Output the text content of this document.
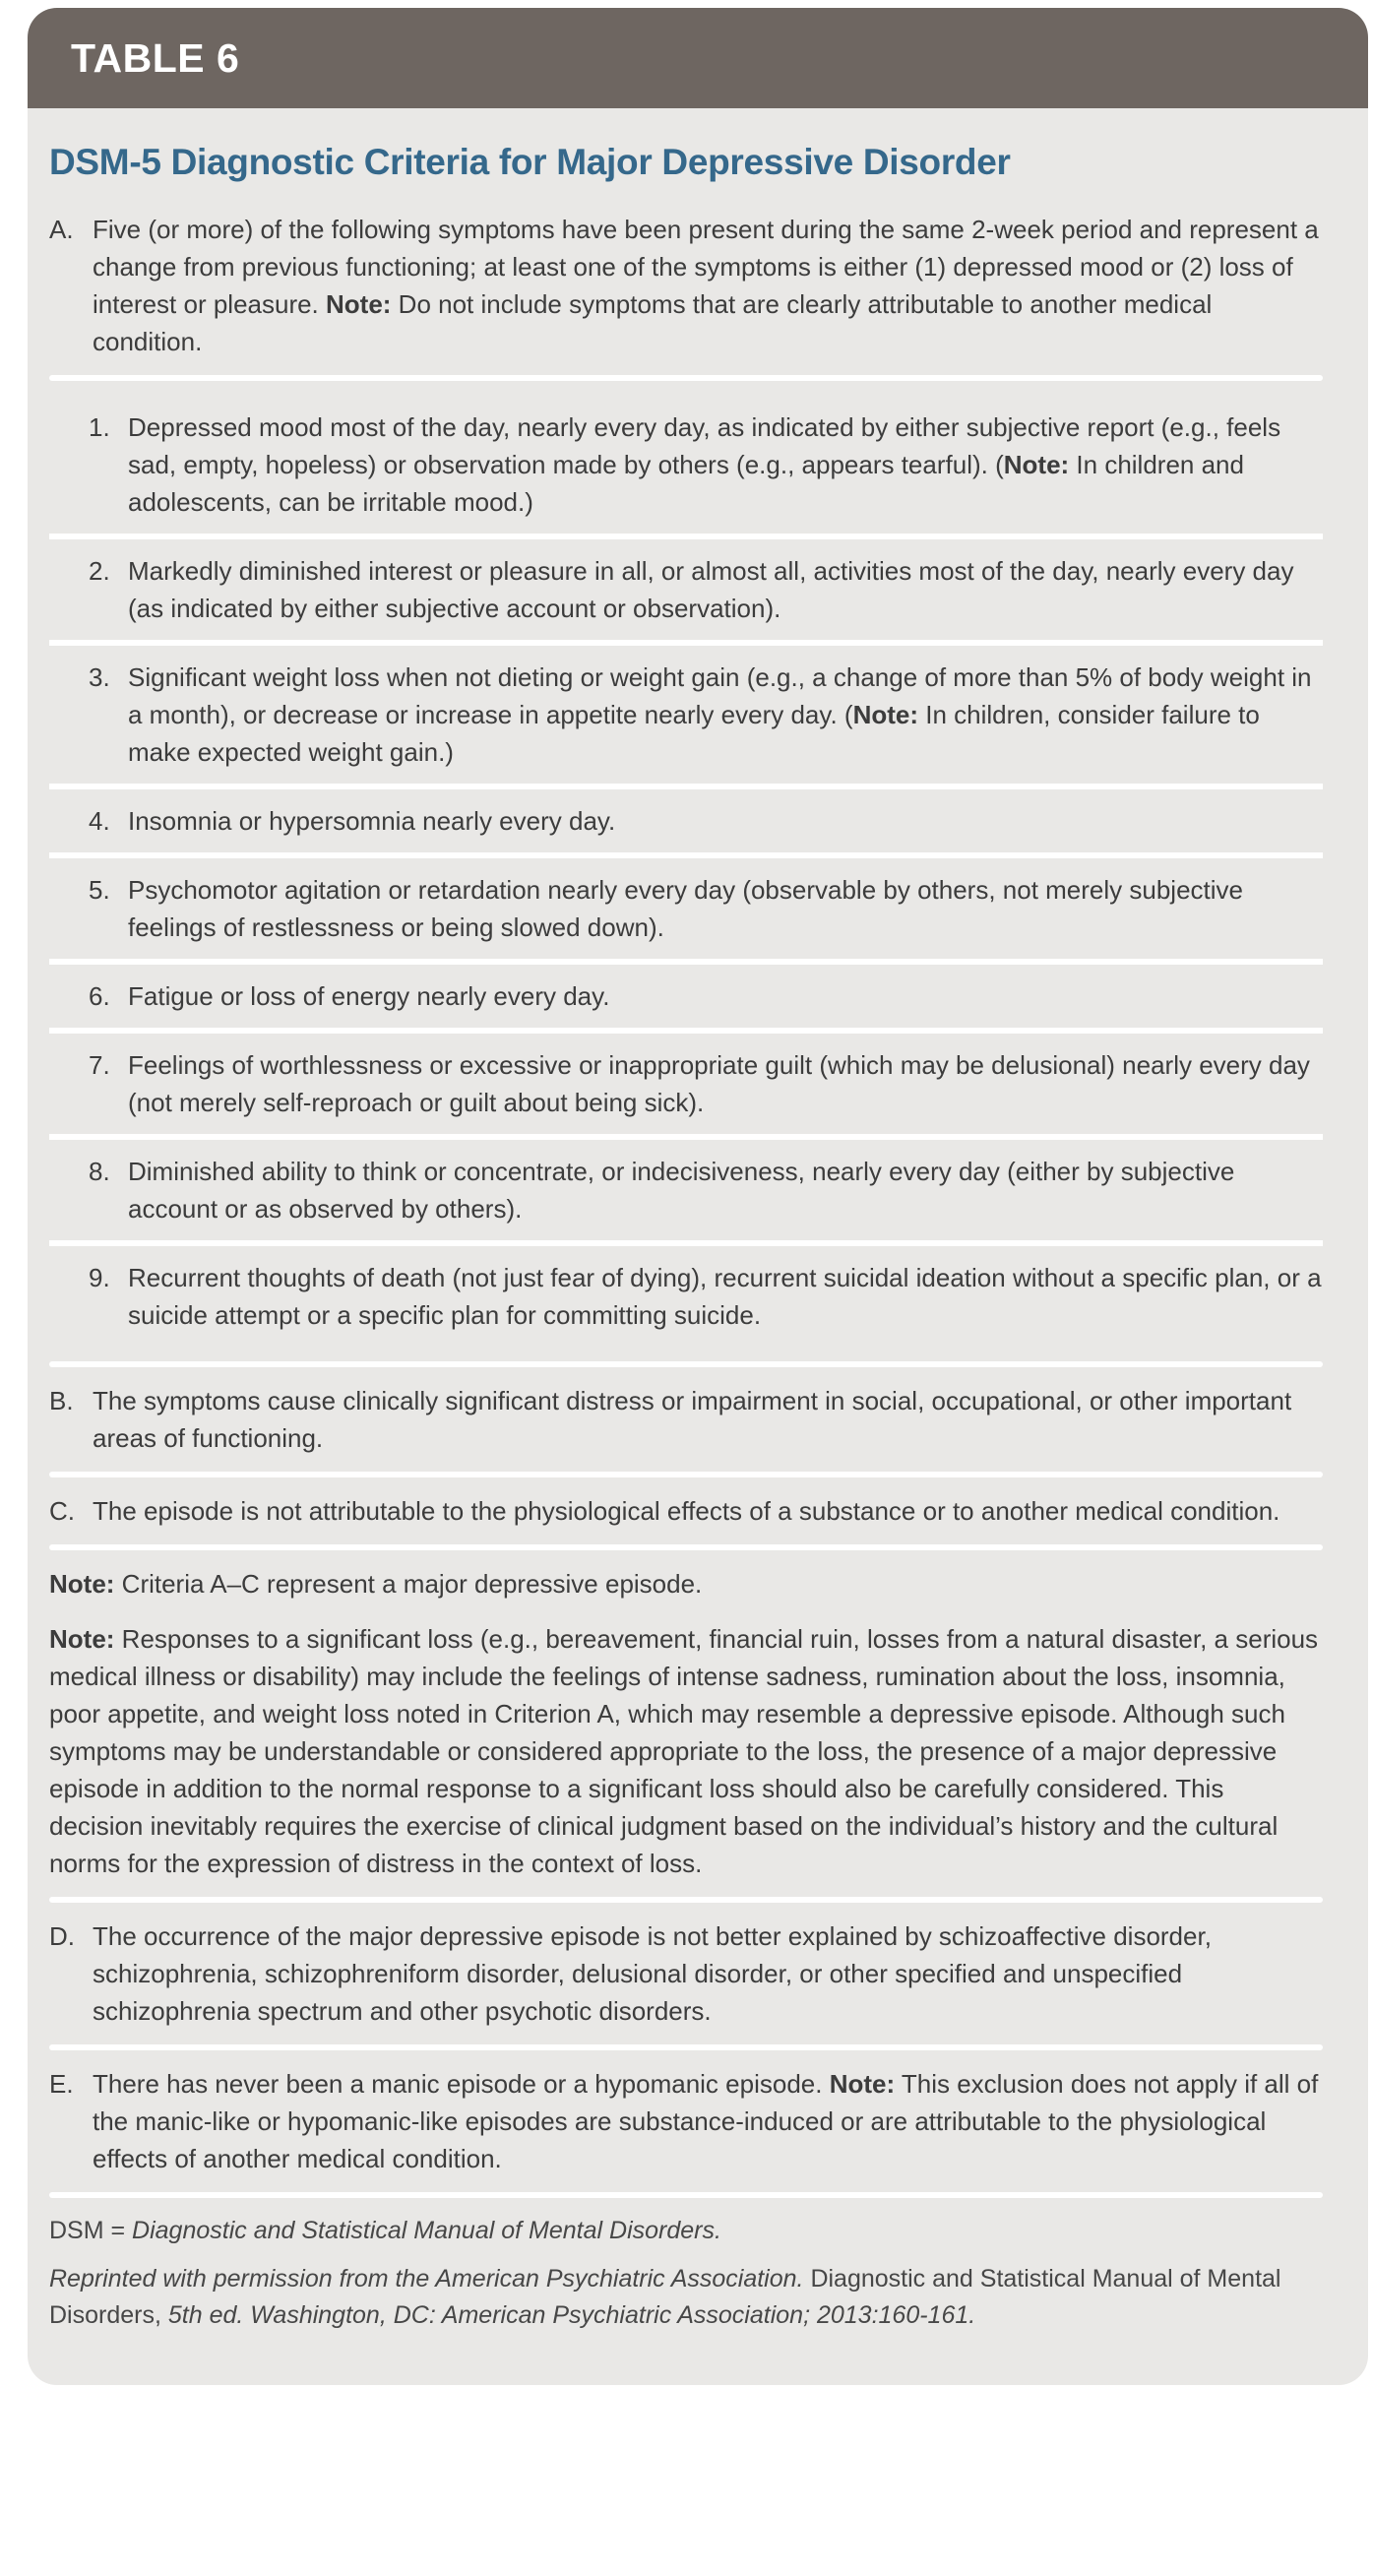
TABLE 6
DSM-5 Diagnostic Criteria for Major Depressive Disorder
A. Five (or more) of the following symptoms have been present during the same 2-week period and represent a change from previous functioning; at least one of the symptoms is either (1) depressed mood or (2) loss of interest or pleasure. Note: Do not include symptoms that are clearly attributable to another medical condition.

1. Depressed mood most of the day, nearly every day, as indicated by either subjective report (e.g., feels sad, empty, hopeless) or observation made by others (e.g., appears tearful). (Note: In children and adolescents, can be irritable mood.)

2. Markedly diminished interest or pleasure in all, or almost all, activities most of the day, nearly every day (as indicated by either subjective account or observation).

3. Significant weight loss when not dieting or weight gain (e.g., a change of more than 5% of body weight in a month), or decrease or increase in appetite nearly every day. (Note: In children, consider failure to make expected weight gain.)

4. Insomnia or hypersomnia nearly every day.

5. Psychomotor agitation or retardation nearly every day (observable by others, not merely subjective feelings of restlessness or being slowed down).

6. Fatigue or loss of energy nearly every day.

7. Feelings of worthlessness or excessive or inappropriate guilt (which may be delusional) nearly every day (not merely self-reproach or guilt about being sick).

8. Diminished ability to think or concentrate, or indecisiveness, nearly every day (either by subjective account or as observed by others).

9. Recurrent thoughts of death (not just fear of dying), recurrent suicidal ideation without a specific plan, or a suicide attempt or a specific plan for committing suicide.

B. The symptoms cause clinically significant distress or impairment in social, occupational, or other important areas of functioning.

C. The episode is not attributable to the physiological effects of a substance or to another medical condition.

Note: Criteria A–C represent a major depressive episode.

Note: Responses to a significant loss (e.g., bereavement, financial ruin, losses from a natural disaster, a serious medical illness or disability) may include the feelings of intense sadness, rumination about the loss, insomnia, poor appetite, and weight loss noted in Criterion A, which may resemble a depressive episode. Although such symptoms may be understandable or considered appropriate to the loss, the presence of a major depressive episode in addition to the normal response to a significant loss should also be carefully considered. This decision inevitably requires the exercise of clinical judgment based on the individual’s history and the cultural norms for the expression of distress in the context of loss.

D. The occurrence of the major depressive episode is not better explained by schizoaffective disorder, schizophrenia, schizophreniform disorder, delusional disorder, or other specified and unspecified schizophrenia spectrum and other psychotic disorders.

E. There has never been a manic episode or a hypomanic episode. Note: This exclusion does not apply if all of the manic-like or hypomanic-like episodes are substance-induced or are attributable to the physiological effects of another medical condition.

DSM = Diagnostic and Statistical Manual of Mental Disorders.

Reprinted with permission from the American Psychiatric Association. Diagnostic and Statistical Manual of Mental Disorders, 5th ed. Washington, DC: American Psychiatric Association; 2013:160-161.
